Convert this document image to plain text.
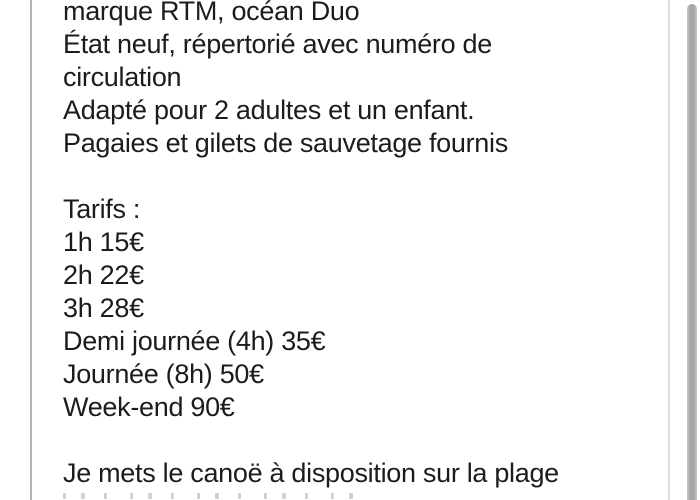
marque RTM, océan Duo
État neuf, répertorié avec numéro de
circulation
Adapté pour 2 adultes et un enfant.
Pagaies et gilets de sauvetage fournis
Tarifs :
1h 15€
2h 22€
3h 28€
Demi journée (4h) 35€
Journée (8h) 50€
Week-end 90€
Je mets le canoë à disposition sur la plage
